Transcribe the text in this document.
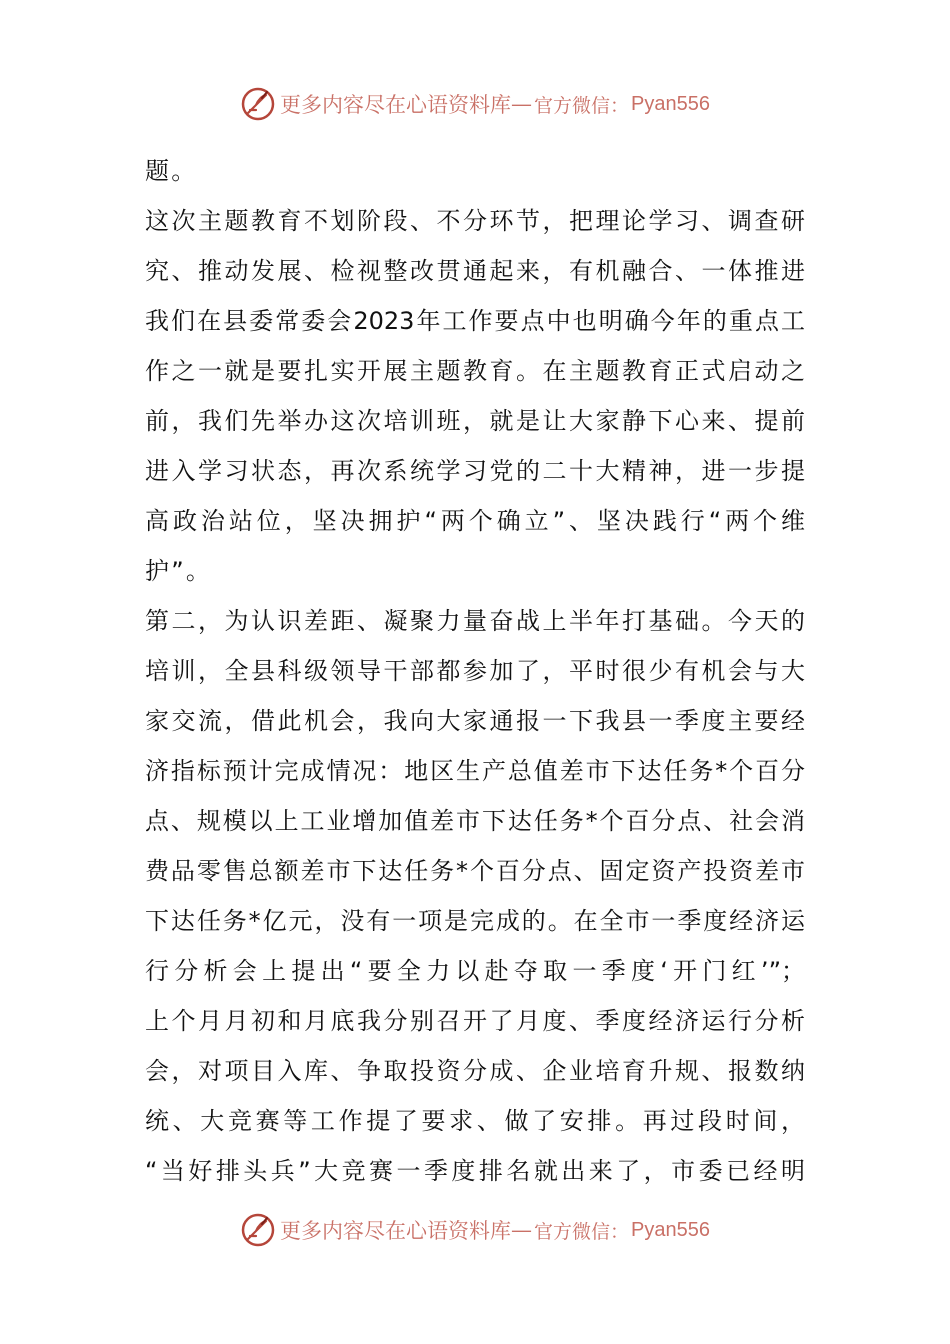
更多内容尽在心语资料库 — 官方微信： Pyan556
题。
这次主题教育不划阶段、不分环节，把理论学习、调查研
究、推动发展、检视整改贯通起来，有机融合、一体推进
我们在县委常委会2023年工作要点中也明确今年的重点工
作之一就是要扎实开展主题教育。在主题教育正式启动之
前，我们先举办这次培训班，就是让大家静下心来、提前
进入学习状态，再次系统学习党的二十大精神，进一步提
高政治站位，坚决拥护“两个确立”、坚决践行“两个维
护”。
第二，为认识差距、凝聚力量奋战上半年打基础。今天的
培训，全县科级领导干部都参加了，平时很少有机会与大
家交流，借此机会，我向大家通报一下我县一季度主要经
济指标预计完成情况：地区生产总值差市下达任务*个百分
点、规模以上工业增加值差市下达任务*个百分点、社会消
费品零售总额差市下达任务*个百分点、固定资产投资差市
下达任务*亿元，没有一项是完成的。在全市一季度经济运
行分析会上提出“要全力以赴夺取一季度‘开门红’”；
上个月月初和月底我分别召开了月度、季度经济运行分析
会，对项目入库、争取投资分成、企业培育升规、报数纳
统、大竞赛等工作提了要求、做了安排。再过段时间，
“当好排头兵”大竞赛一季度排名就出来了，市委已经明
更多内容尽在心语资料库 — 官方微信： Pyan556
